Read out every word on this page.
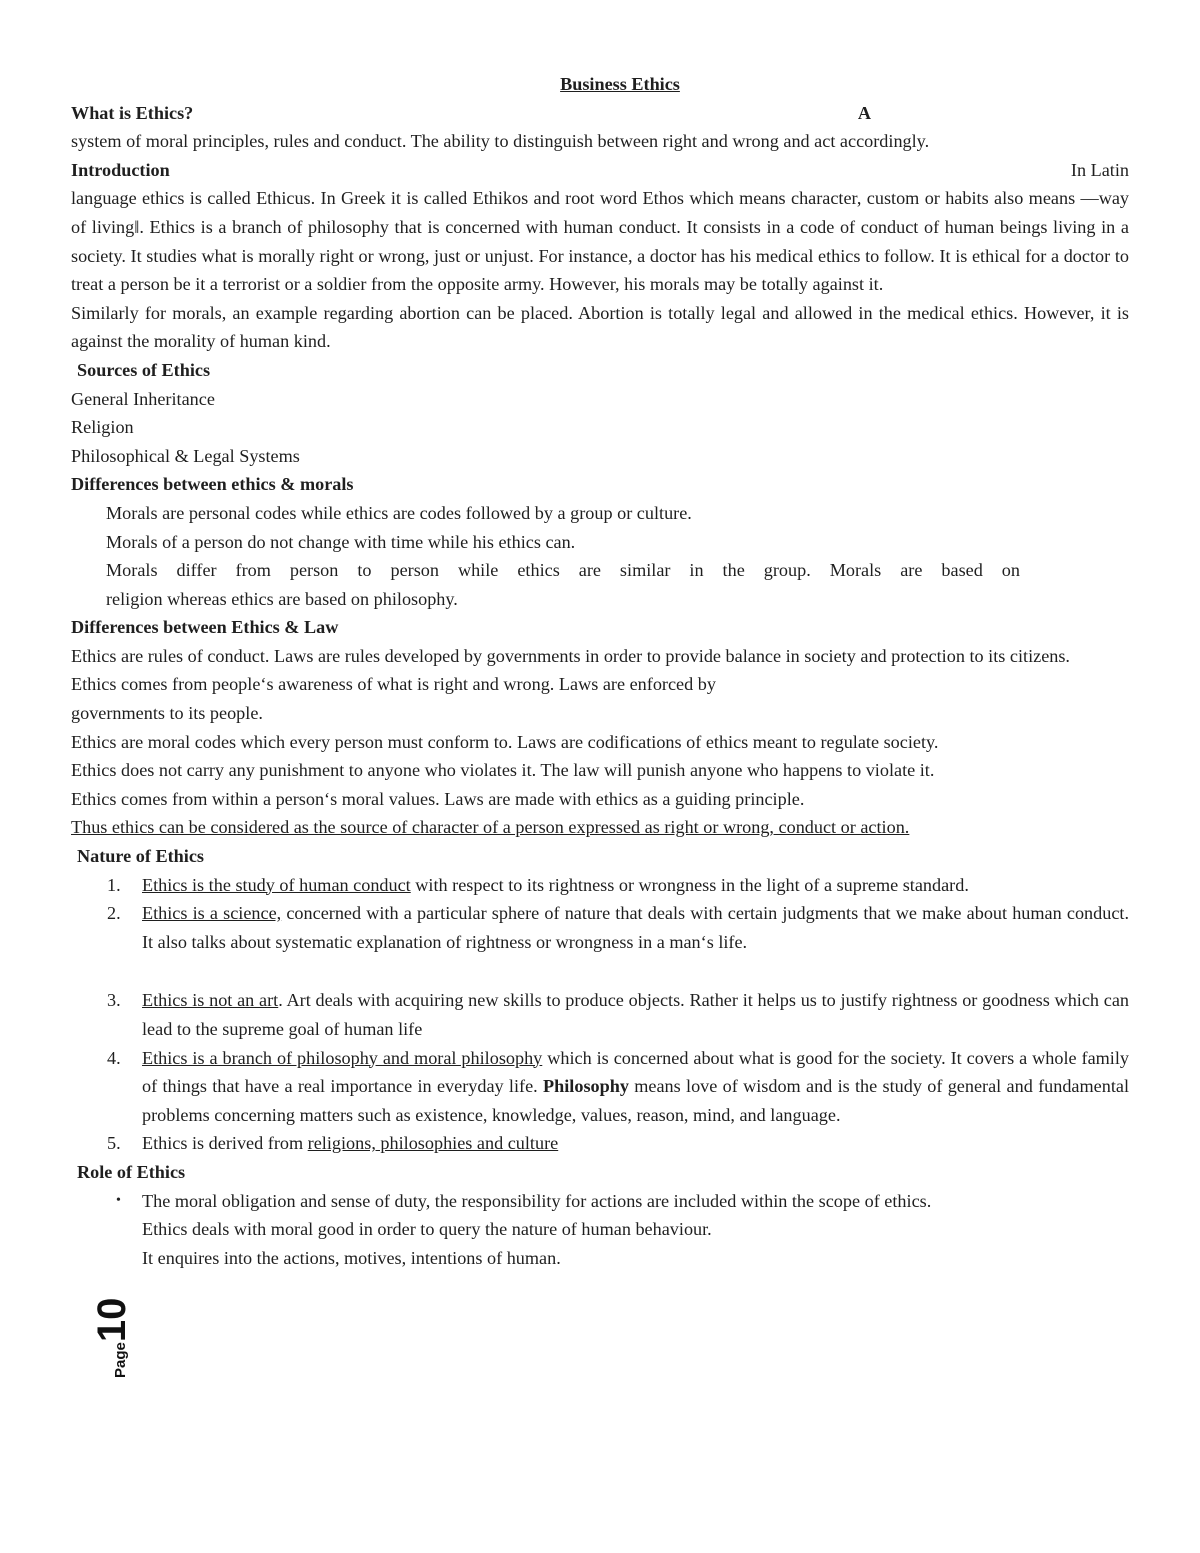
Business Ethics
What is Ethics?	A
system of moral principles, rules and conduct. The ability to distinguish between right and wrong and act accordingly.
Introduction	In Latin
language ethics is called Ethicus. In Greek it is called Ethikos and root word Ethos which means character, custom or habits also means ―way of living‖. Ethics is a branch of philosophy that is concerned with human conduct. It consists in a code of conduct of human beings living in a society. It studies what is morally right or wrong, just or unjust. For instance, a doctor has his medical ethics to follow. It is ethical for a doctor to treat a person be it a terrorist or a soldier from the opposite army. However, his morals may be totally against it.
Similarly for morals, an example regarding abortion can be placed. Abortion is totally legal and allowed in the medical ethics. However, it is against the morality of human kind.
Sources of Ethics
General Inheritance
Religion
Philosophical & Legal Systems
Differences between ethics & morals
Morals are personal codes while ethics are codes followed by a group or culture.
Morals of a person do not change with time while his ethics can.
Morals differ from person to person while ethics are similar in the group. Morals are based on
religion whereas ethics are based on philosophy.
Differences between Ethics & Law
Ethics are rules of conduct. Laws are rules developed by governments in order to provide balance in society and protection to its citizens.
Ethics comes from people‘s awareness of what is right and wrong. Laws are enforced by
governments to its people.
Ethics are moral codes which every person must conform to. Laws are codifications of ethics meant to regulate society.
Ethics does not carry any punishment to anyone who violates it. The law will punish anyone who happens to violate it.
Ethics comes from within a person‘s moral values. Laws are made with ethics as a guiding principle.
Thus ethics can be considered as the source of character of a person expressed as right or wrong, conduct or action.
Nature of Ethics
1. Ethics is the study of human conduct with respect to its rightness or wrongness in the light of a supreme standard.
2. Ethics is a science, concerned with a particular sphere of nature that deals with certain judgments that we make about human conduct. It also talks about systematic explanation of rightness or wrongness in a man‘s life.
3. Ethics is not an art. Art deals with acquiring new skills to produce objects. Rather it helps us to justify rightness or goodness which can lead to the supreme goal of human life
4. Ethics is a branch of philosophy and moral philosophy which is concerned about what is good for the society. It covers a whole family of things that have a real importance in everyday life. Philosophy means love of wisdom and is the study of general and fundamental problems concerning matters such as existence, knowledge, values, reason, mind, and language.
5. Ethics is derived from religions, philosophies and culture
Role of Ethics
• The moral obligation and sense of duty, the responsibility for actions are included within the scope of ethics.
Ethics deals with moral good in order to query the nature of human behaviour.
It enquires into the actions, motives, intentions of human.
Page10
